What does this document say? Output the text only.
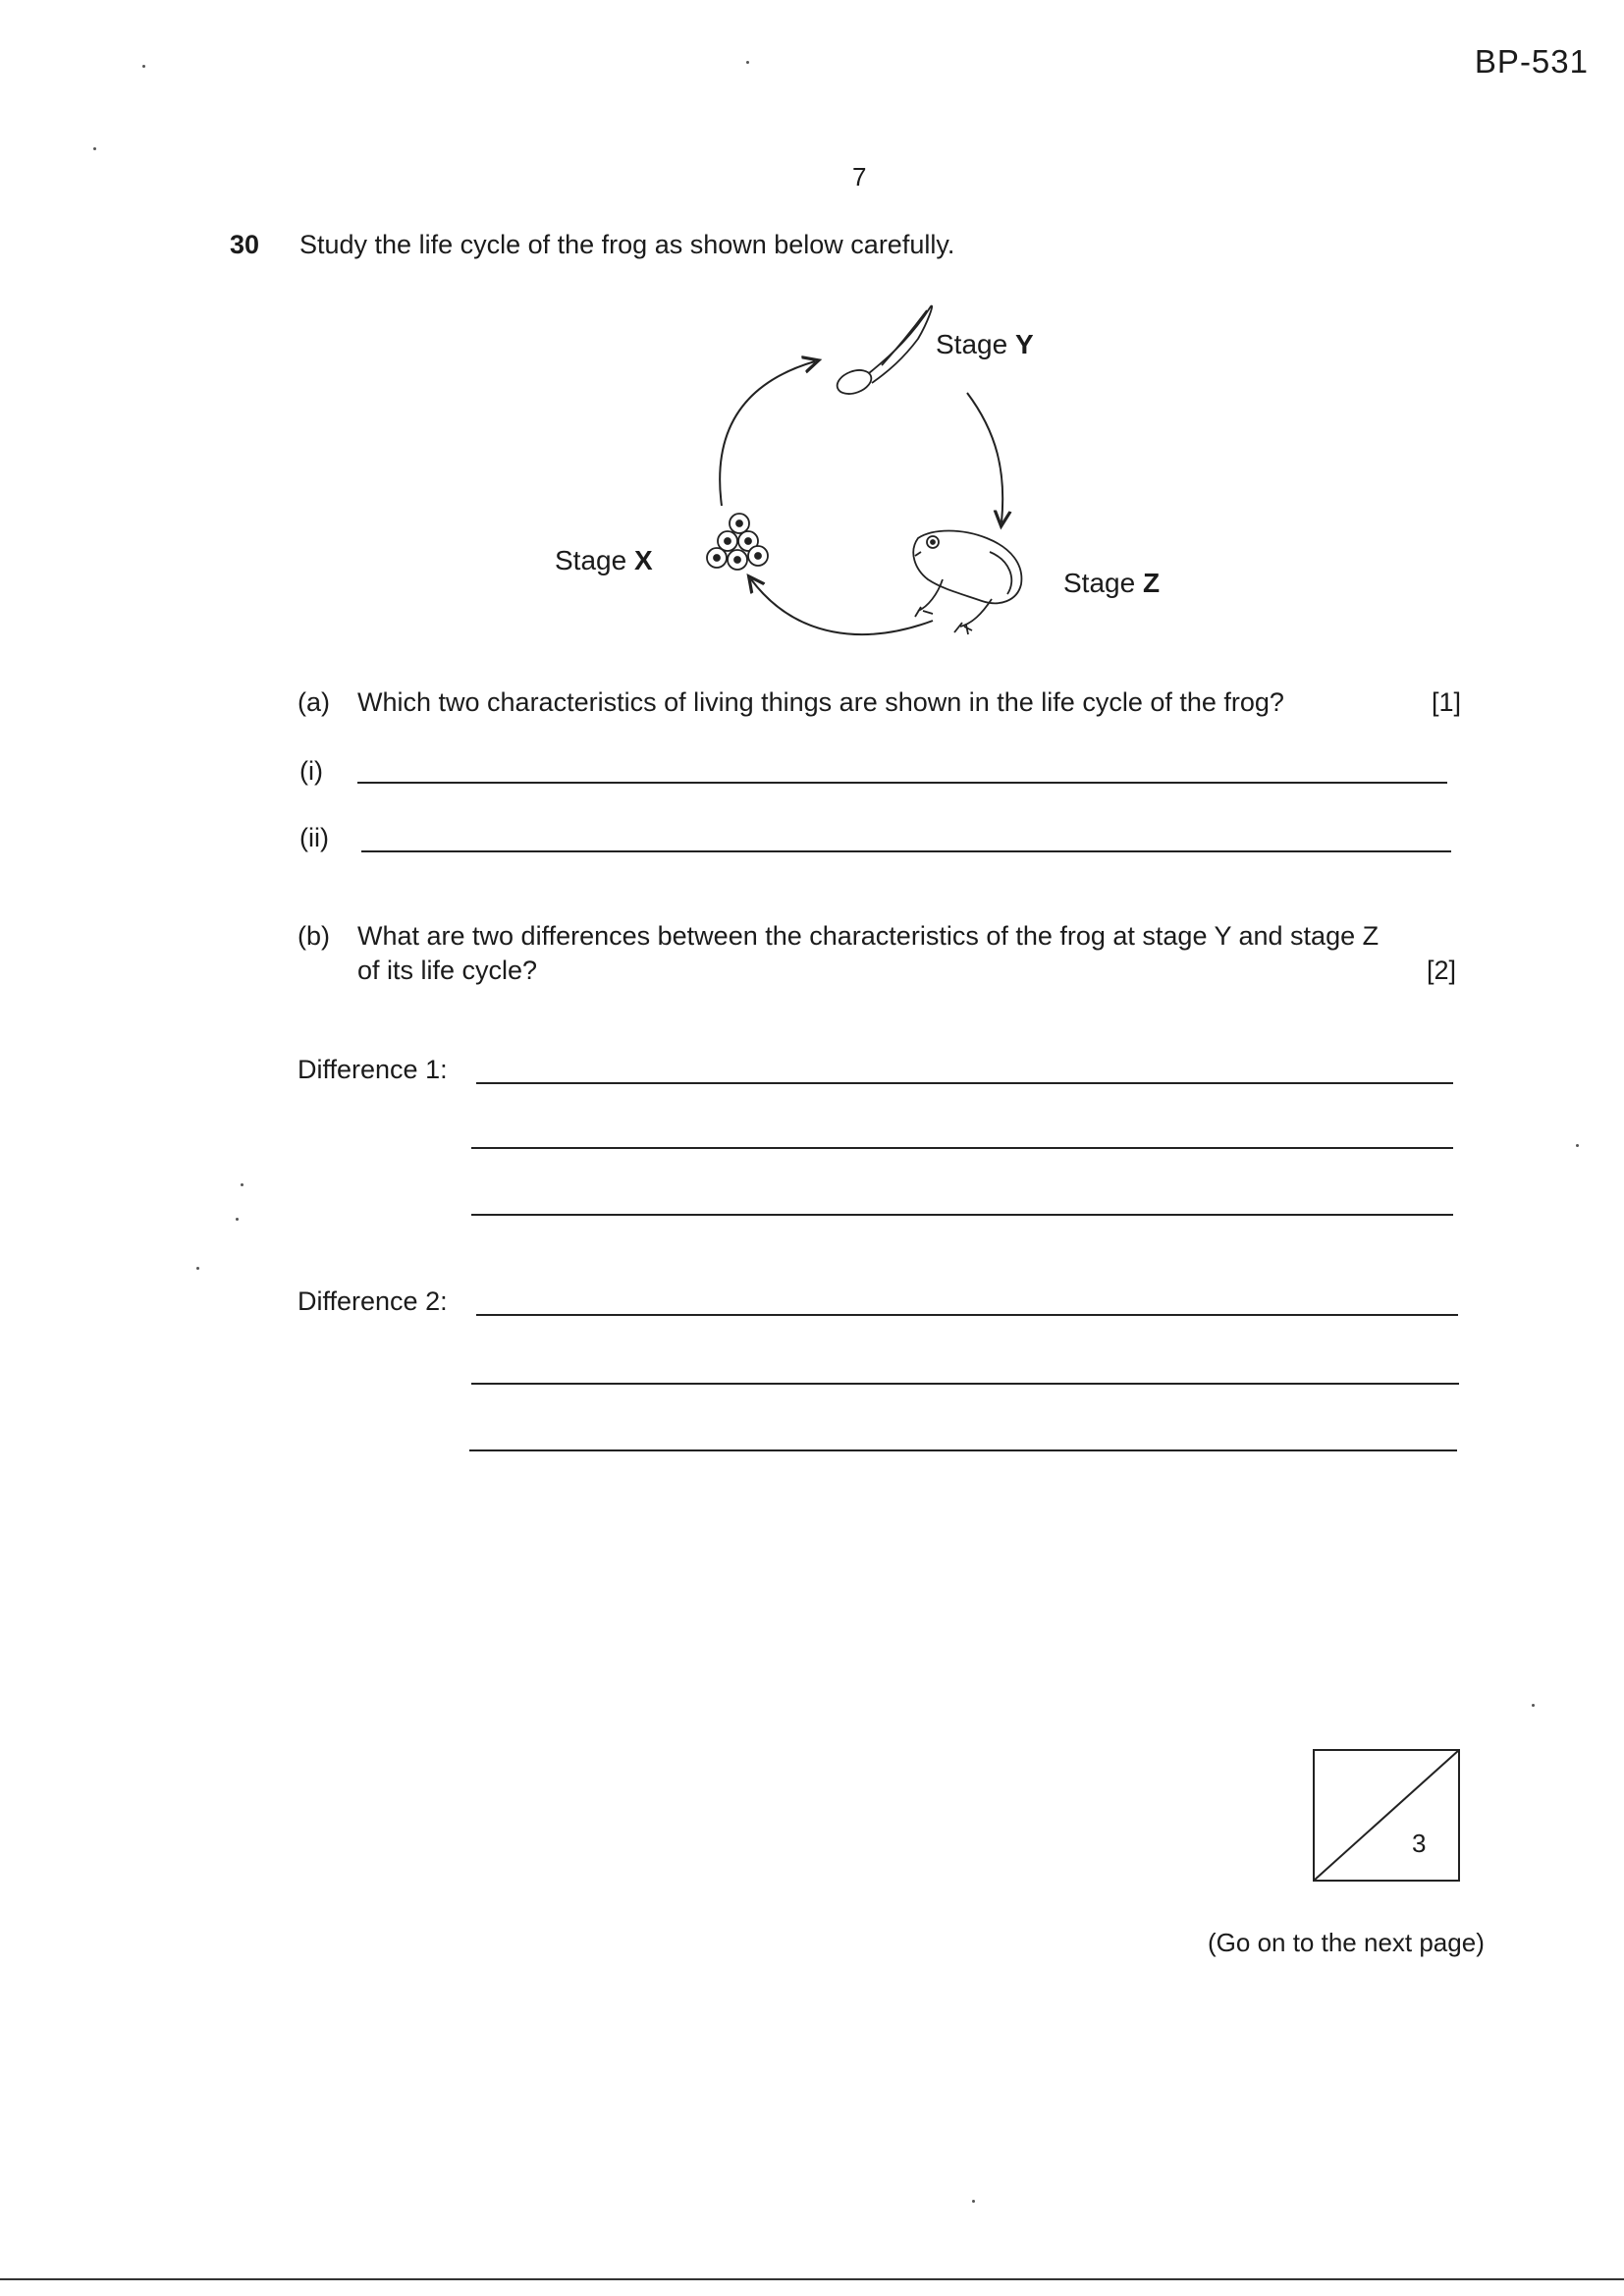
BP-531
7
30 Study the life cycle of the frog as shown below carefully.
Stage Y
Stage X
Stage Z
(a) Which two characteristics of living things are shown in the life cycle of the frog?	[1]
(i)
(ii)
(b) What are two differences between the characteristics of the frog at stage Y and stage Z
of its life cycle?	[2]
Difference 1:
Difference 2:
3
(Go on to the next page)
